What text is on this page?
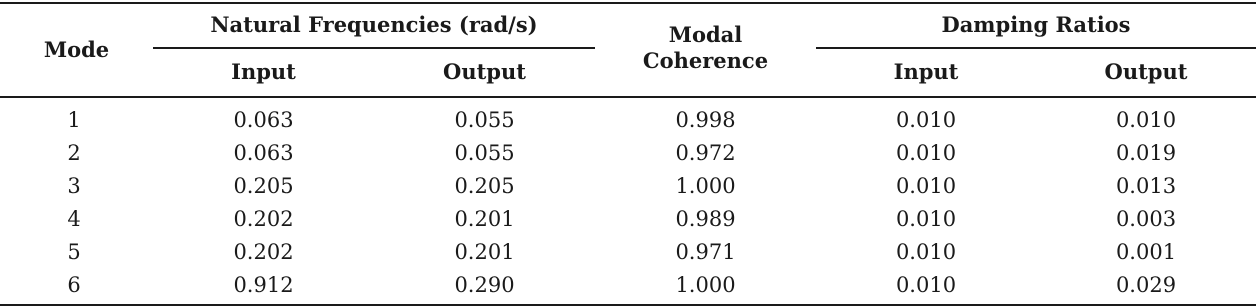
Mode
Natural Frequencies (rad/s)
Input	Output
Modal
Coherence
Damping Ratios
Input	Output
1	0.063	0.055	0.998	0.010	0.010
2	0.063	0.055	0.972	0.010	0.019
3	0.205	0.205	1.000	0.010	0.013
4	0.202	0.201	0.989	0.010	0.003
5	0.202	0.201	0.971	0.010	0.001
6	0.912	0.290	1.000	0.010	0.029
